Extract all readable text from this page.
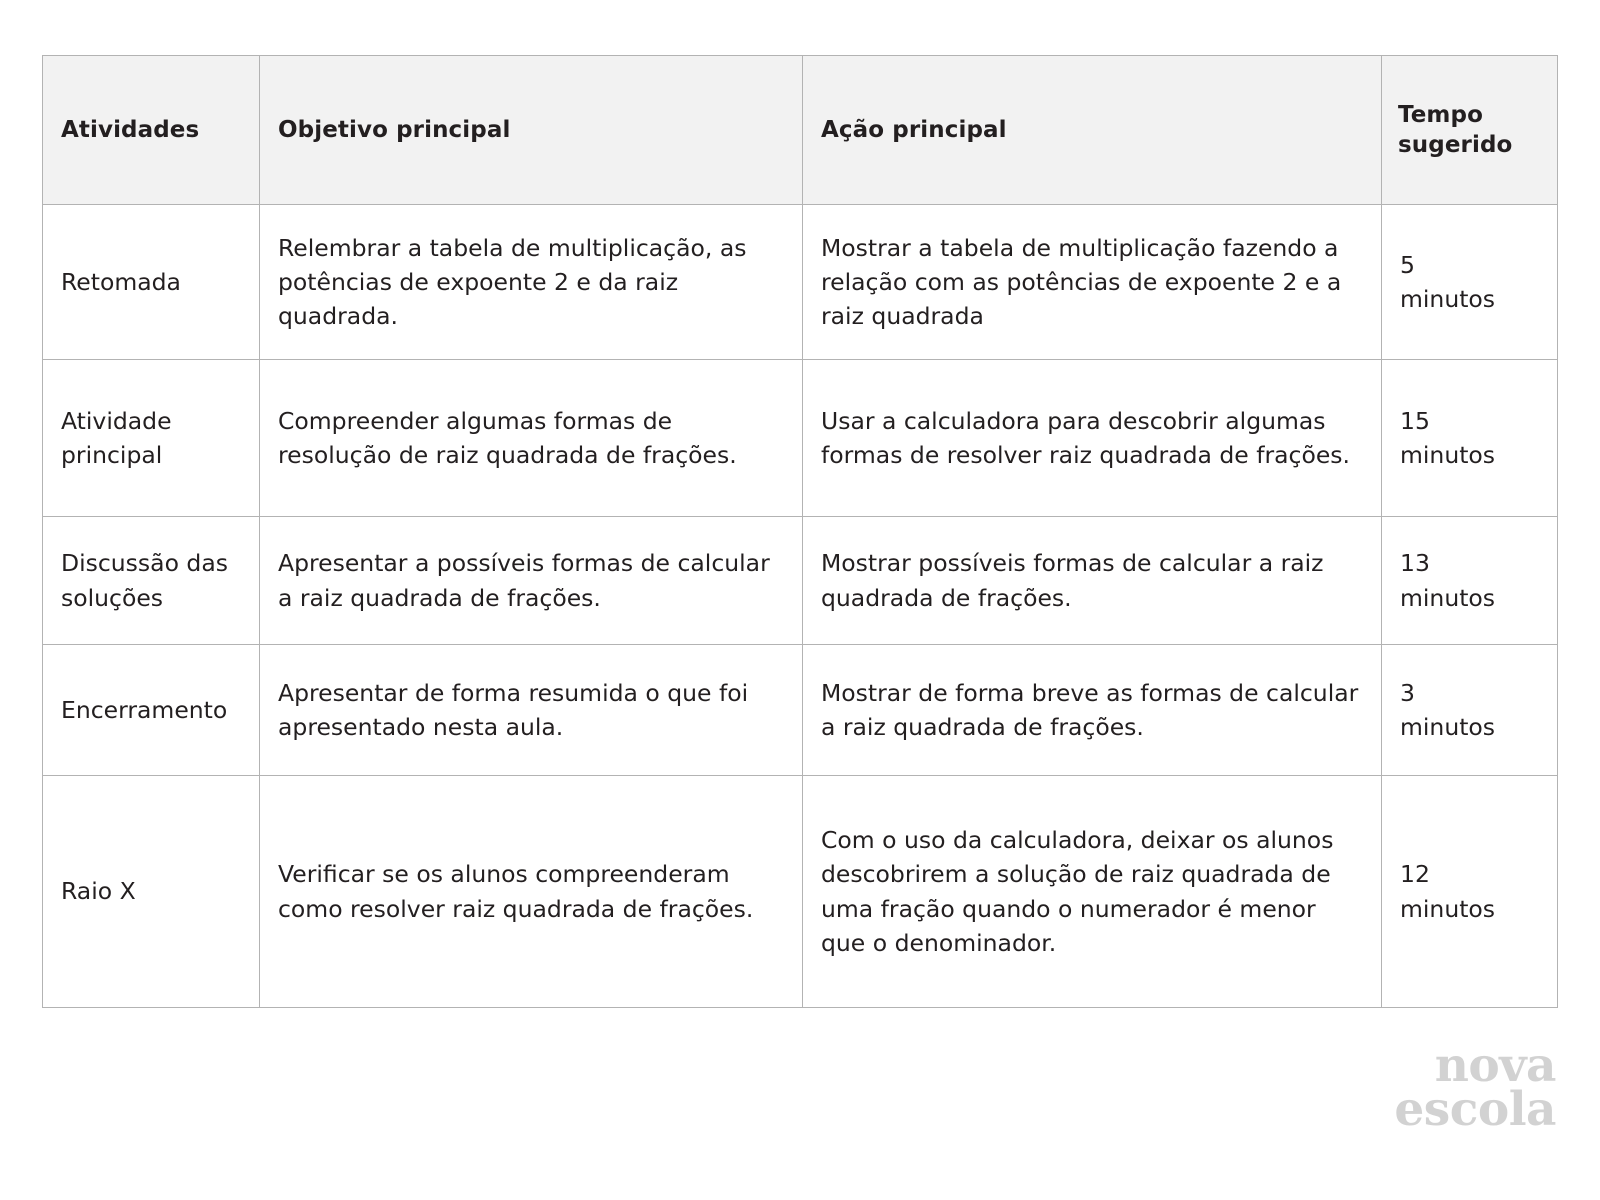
Atividades	Objetivo principal	Ação principal	Tempo
sugerido
Retomada	Relembrar a tabela de multiplicação, as potências de expoente 2 e da raiz quadrada.	Mostrar a tabela de multiplicação fazendo a relação com as potências de expoente 2 e a raiz quadrada	5
minutos

Atividade principal	Compreender algumas formas de resolução de raiz quadrada de frações.	Usar a calculadora para descobrir algumas formas de resolver raiz quadrada de frações.	15
minutos

Discussão das soluções	Apresentar a possíveis formas de calcular a raiz quadrada de frações.	Mostrar possíveis formas de calcular a raiz quadrada de frações.	13
minutos

Encerramento	Apresentar de forma resumida o que foi apresentado nesta aula.	Mostrar de forma breve as formas de calcular a raiz quadrada de frações.	3
minutos

Raio X	Verificar se os alunos compreenderam como resolver raiz quadrada de frações.	Com o uso da calculadora, deixar os alunos descobrirem a solução de raiz quadrada de uma fração quando o numerador é menor que o denominador.	12
minutos
nova
escola
